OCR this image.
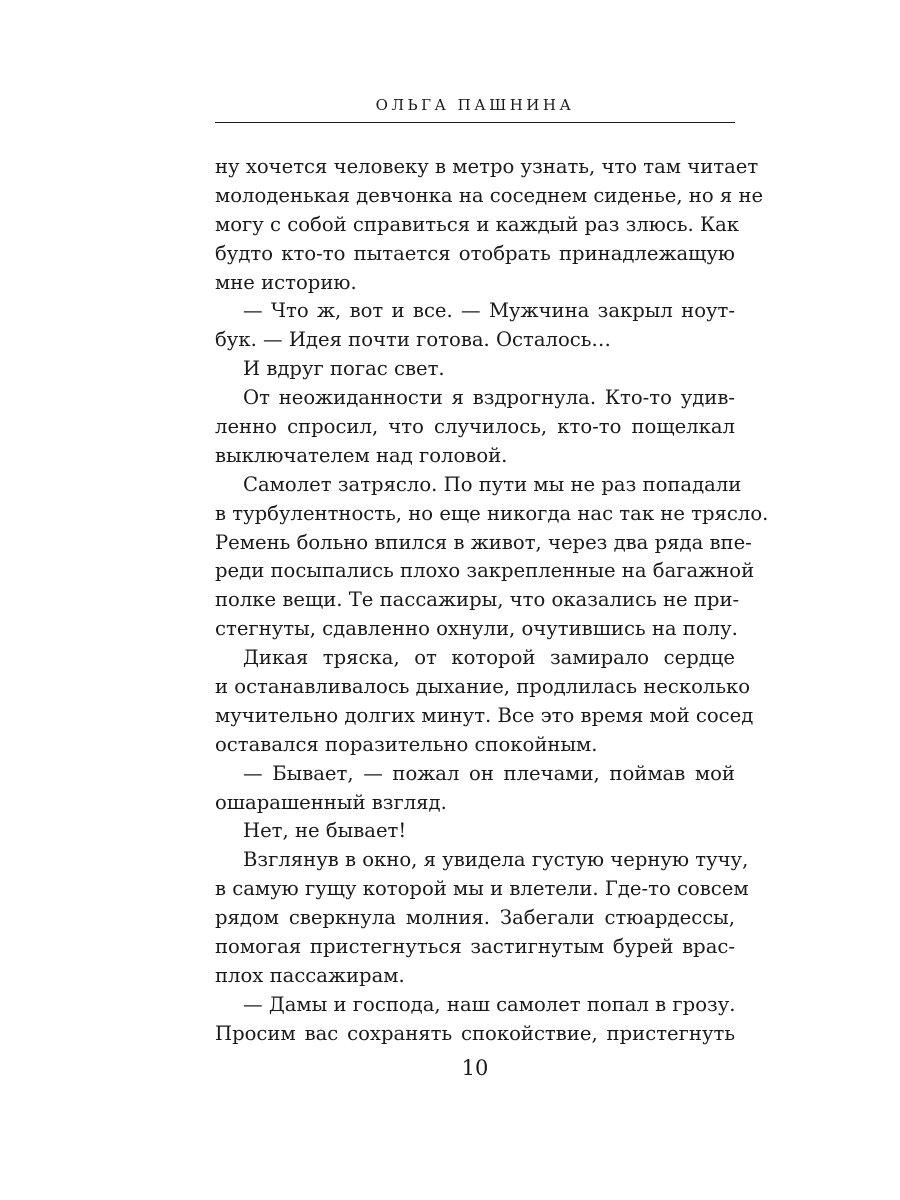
ОЛЬГА ПАШНИНА
ну хочется человеку в метро узнать, что там читает
молоденькая девчонка на соседнем сиденье, но я не
могу с собой справиться и каждый раз злюсь. Как
будто кто-то пытается отобрать принадлежащую
мне историю.
— Что ж, вот и все. — Мужчина закрыл ноут-
бук. — Идея почти готова. Осталось…
И вдруг погас свет.
От неожиданности я вздрогнула. Кто-то удив-
ленно спросил, что случилось, кто-то пощелкал
выключателем над головой.
Самолет затрясло. По пути мы не раз попадали
в турбулентность, но еще никогда нас так не трясло.
Ремень больно впился в живот, через два ряда впе-
реди посыпались плохо закрепленные на багажной
полке вещи. Те пассажиры, что оказались не при-
стегнуты, сдавленно охнули, очутившись на полу.
Дикая тряска, от которой замирало сердце
и останавливалось дыхание, продлилась несколько
мучительно долгих минут. Все это время мой сосед
оставался поразительно спокойным.
— Бывает, — пожал он плечами, поймав мой
ошарашенный взгляд.
Нет, не бывает!
Взглянув в окно, я увидела густую черную тучу,
в самую гущу которой мы и влетели. Где-то совсем
рядом сверкнула молния. Забегали стюардессы,
помогая пристегнуться застигнутым бурей врас-
плох пассажирам.
— Дамы и господа, наш самолет попал в грозу.
Просим вас сохранять спокойствие, пристегнуть
10
